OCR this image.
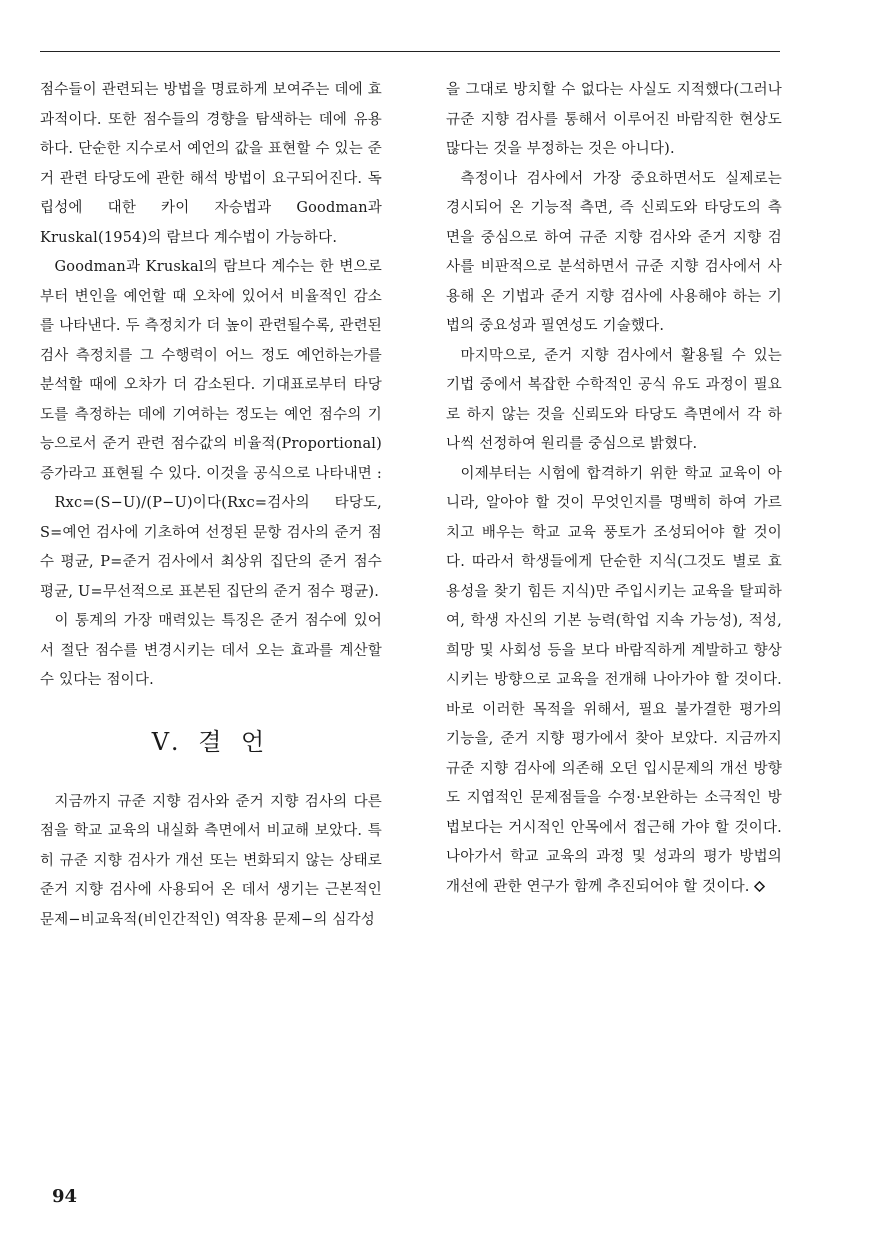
점수들이 관련되는 방법을 명료하게 보여주는 데에 효과적이다. 또한 점수들의 경향을 탐색하는 데에 유용하다. 단순한 지수로서 예언의 값을 표현할 수 있는 준거 관련 타당도에 관한 해석 방법이 요구되어진다. 독립성에 대한 카이 자승법과 Goodman과 Kruskal(1954)의 람브다 계수법이 가능하다.

Goodman과 Kruskal의 람브다 계수는 한 변으로부터 변인을 예언할 때 오차에 있어서 비율적인 감소를 나타낸다. 두 측정치가 더 높이 관련될수록, 관련된 검사 측정치를 그 수행력이 어느 정도 예언하는가를 분석할 때에 오차가 더 감소된다. 기대표로부터 타당도를 측정하는 데에 기여하는 정도는 예언 점수의 기능으로서 준거 관련 점수값의 비율적(Proportional) 증가라고 표현될 수 있다. 이것을 공식으로 나타내면 :

Rxc=(S−U)/(P−U)이다(Rxc=검사의 타당도, S=예언 검사에 기초하여 선정된 문항 검사의 준거 점수 평균, P=준거 검사에서 최상위 집단의 준거 점수 평균, U=무선적으로 표본된 집단의 준거 점수 평균).

이 통계의 가장 매력있는 특징은 준거 점수에 있어서 절단 점수를 변경시키는 데서 오는 효과를 계산할 수 있다는 점이다.

V. 결 언

지금까지 규준 지향 검사와 준거 지향 검사의 다른 점을 학교 교육의 내실화 측면에서 비교해 보았다. 특히 규준 지향 검사가 개선 또는 변화되지 않는 상태로 준거 지향 검사에 사용되어 온 데서 생기는 근본적인 문제−비교육적(비인간적인) 역작용 문제−의 심각성

을 그대로 방치할 수 없다는 사실도 지적했다(그러나 규준 지향 검사를 통해서 이루어진 바람직한 현상도 많다는 것을 부정하는 것은 아니다).

측정이나 검사에서 가장 중요하면서도 실제로는 경시되어 온 기능적 측면, 즉 신뢰도와 타당도의 측면을 중심으로 하여 규준 지향 검사와 준거 지향 검사를 비판적으로 분석하면서 규준 지향 검사에서 사용해 온 기법과 준거 지향 검사에 사용해야 하는 기법의 중요성과 필연성도 기술했다.

마지막으로, 준거 지향 검사에서 활용될 수 있는 기법 중에서 복잡한 수학적인 공식 유도 과정이 필요로 하지 않는 것을 신뢰도와 타당도 측면에서 각 하나씩 선정하여 원리를 중심으로 밝혔다.

이제부터는 시험에 합격하기 위한 학교 교육이 아니라, 알아야 할 것이 무엇인지를 명백히 하여 가르치고 배우는 학교 교육 풍토가 조성되어야 할 것이다. 따라서 학생들에게 단순한 지식(그것도 별로 효용성을 찾기 힘든 지식)만 주입시키는 교육을 탈피하여, 학생 자신의 기본 능력(학업 지속 가능성), 적성, 희망 및 사회성 등을 보다 바람직하게 계발하고 향상시키는 방향으로 교육을 전개해 나아가야 할 것이다. 바로 이러한 목적을 위해서, 필요 불가결한 평가의 기능을, 준거 지향 평가에서 찾아 보았다. 지금까지 규준 지향 검사에 의존해 오던 입시문제의 개선 방향도 지엽적인 문제점들을 수정·보완하는 소극적인 방법보다는 거시적인 안목에서 접근해 가야 할 것이다. 나아가서 학교 교육의 과정 및 성과의 평가 방법의 개선에 관한 연구가 함께 추진되어야 할 것이다.

94
